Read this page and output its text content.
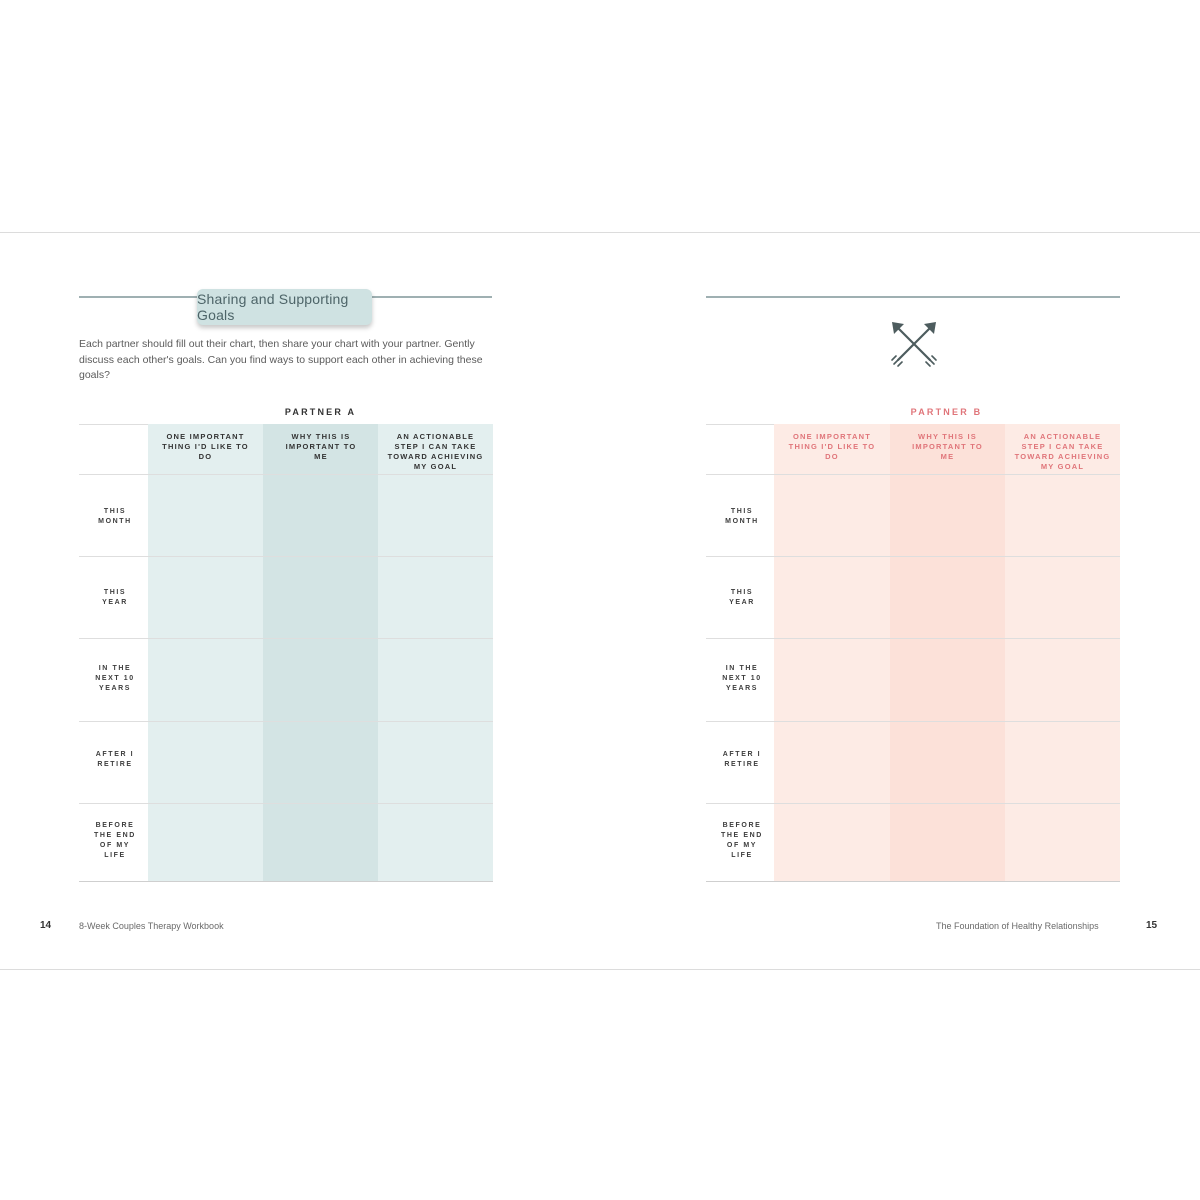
Sharing and Supporting Goals
Each partner should fill out their chart, then share your chart with your partner. Gently discuss each other's goals. Can you find ways to support each other in achieving these goals?
PARTNER A
ONE IMPORTANT THING I'D LIKE TO DO
WHY THIS IS IMPORTANT TO ME
AN ACTIONABLE STEP I CAN TAKE TOWARD ACHIEVING MY GOAL
THIS MONTH
THIS YEAR
IN THE NEXT 10 YEARS
AFTER I RETIRE
BEFORE THE END OF MY LIFE
14	8-Week Couples Therapy Workbook
PARTNER B
ONE IMPORTANT THING I'D LIKE TO DO
WHY THIS IS IMPORTANT TO ME
AN ACTIONABLE STEP I CAN TAKE TOWARD ACHIEVING MY GOAL
THIS MONTH
THIS YEAR
IN THE NEXT 10 YEARS
AFTER I RETIRE
BEFORE THE END OF MY LIFE
The Foundation of Healthy Relationships	15
